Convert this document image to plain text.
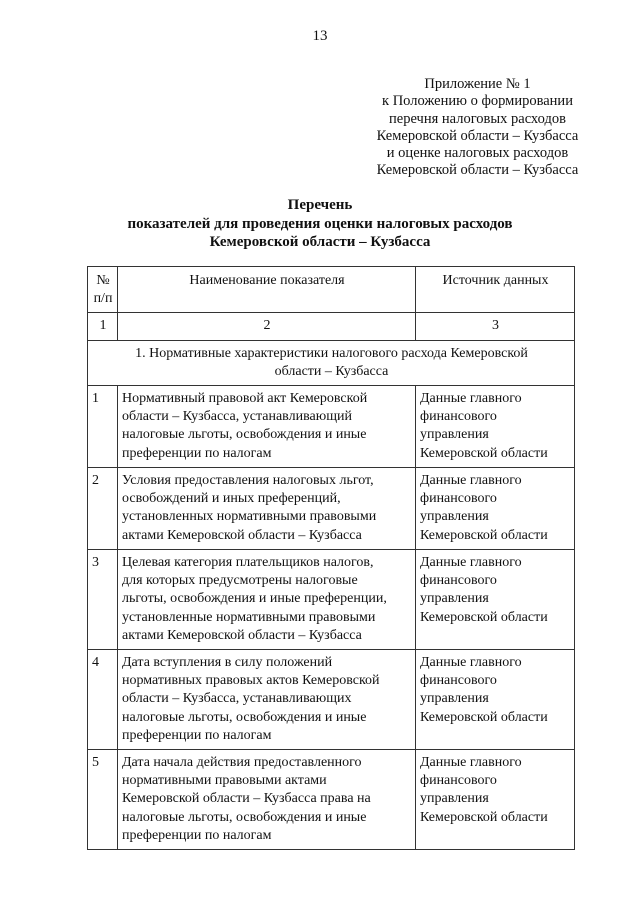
13
Приложение № 1
к Положению о формировании
перечня налоговых расходов
Кемеровской области – Кузбасса
и оценке налоговых расходов
Кемеровской области – Кузбасса
Перечень
показателей для проведения оценки налоговых расходов
Кемеровской области – Кузбасса
№
п/п	Наименование показателя	Источник данных

1	2	3

1. Нормативные характеристики налогового расхода Кемеровской
области – Кузбасса		

1	Нормативный правовой акт Кемеровской
области – Кузбасса, устанавливающий
налоговые льготы, освобождения и иные
преференции по налогам	Данные главного
финансового
управления
Кемеровской области

2	Условия предоставления налоговых льгот,
освобождений и иных преференций,
установленных нормативными правовыми
актами Кемеровской области – Кузбасса	Данные главного
финансового
управления
Кемеровской области

3	Целевая категория плательщиков налогов,
для которых предусмотрены налоговые
льготы, освобождения и иные преференции,
установленные нормативными правовыми
актами Кемеровской области – Кузбасса	Данные главного
финансового
управления
Кемеровской области

4	Дата вступления в силу положений
нормативных правовых актов Кемеровской
области – Кузбасса, устанавливающих
налоговые льготы, освобождения и иные
преференции по налогам	Данные главного
финансового
управления
Кемеровской области

5	Дата начала действия предоставленного
нормативными правовыми актами
Кемеровской области – Кузбасса права на
налоговые льготы, освобождения и иные
преференции по налогам	Данные главного
финансового
управления
Кемеровской области
